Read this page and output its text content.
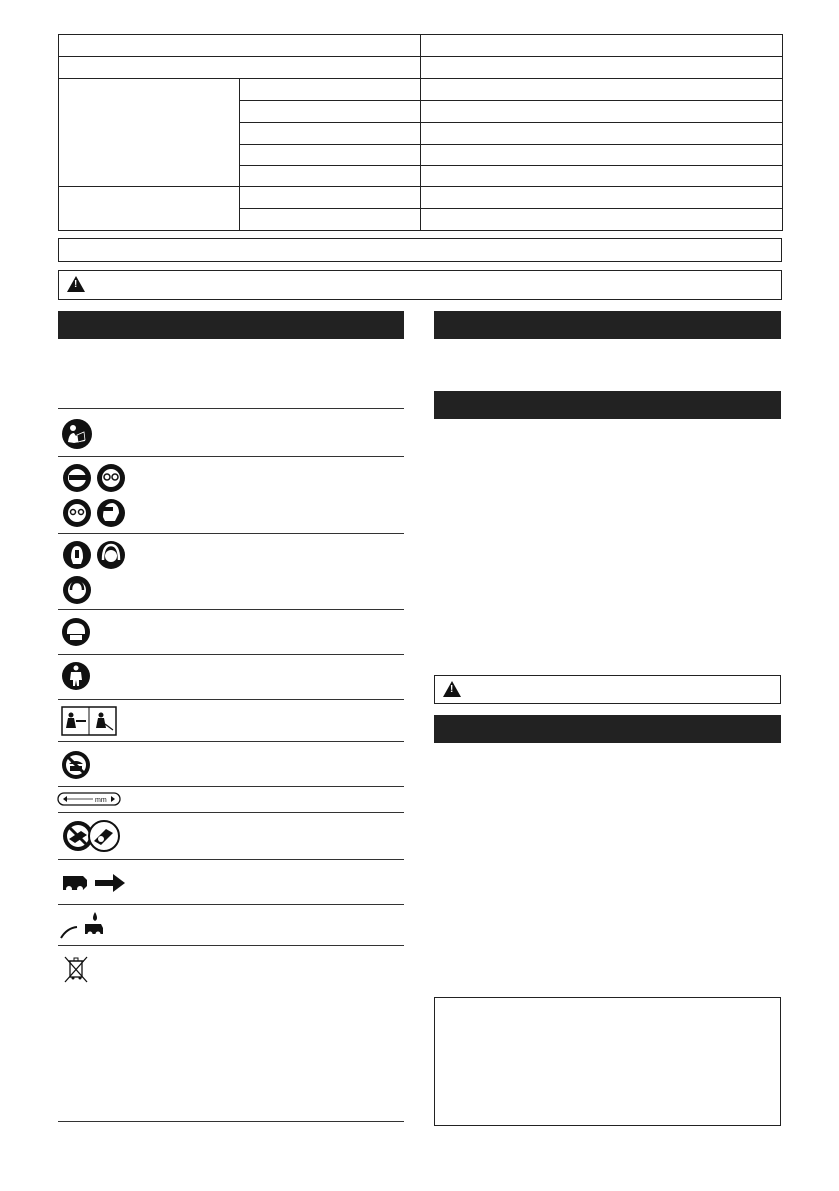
!
mm
!
